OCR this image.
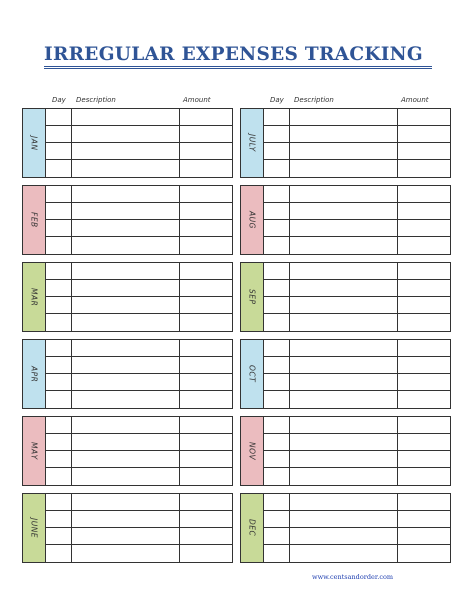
IRREGULAR EXPENSES TRACKING
Day Description	Amount
JAN
FEB
MAR
APR
MAY
JUNE
Day Description	Amount
JULY
AUG
SEP
OCT
NOV
DEC
www.centsandorder.com
